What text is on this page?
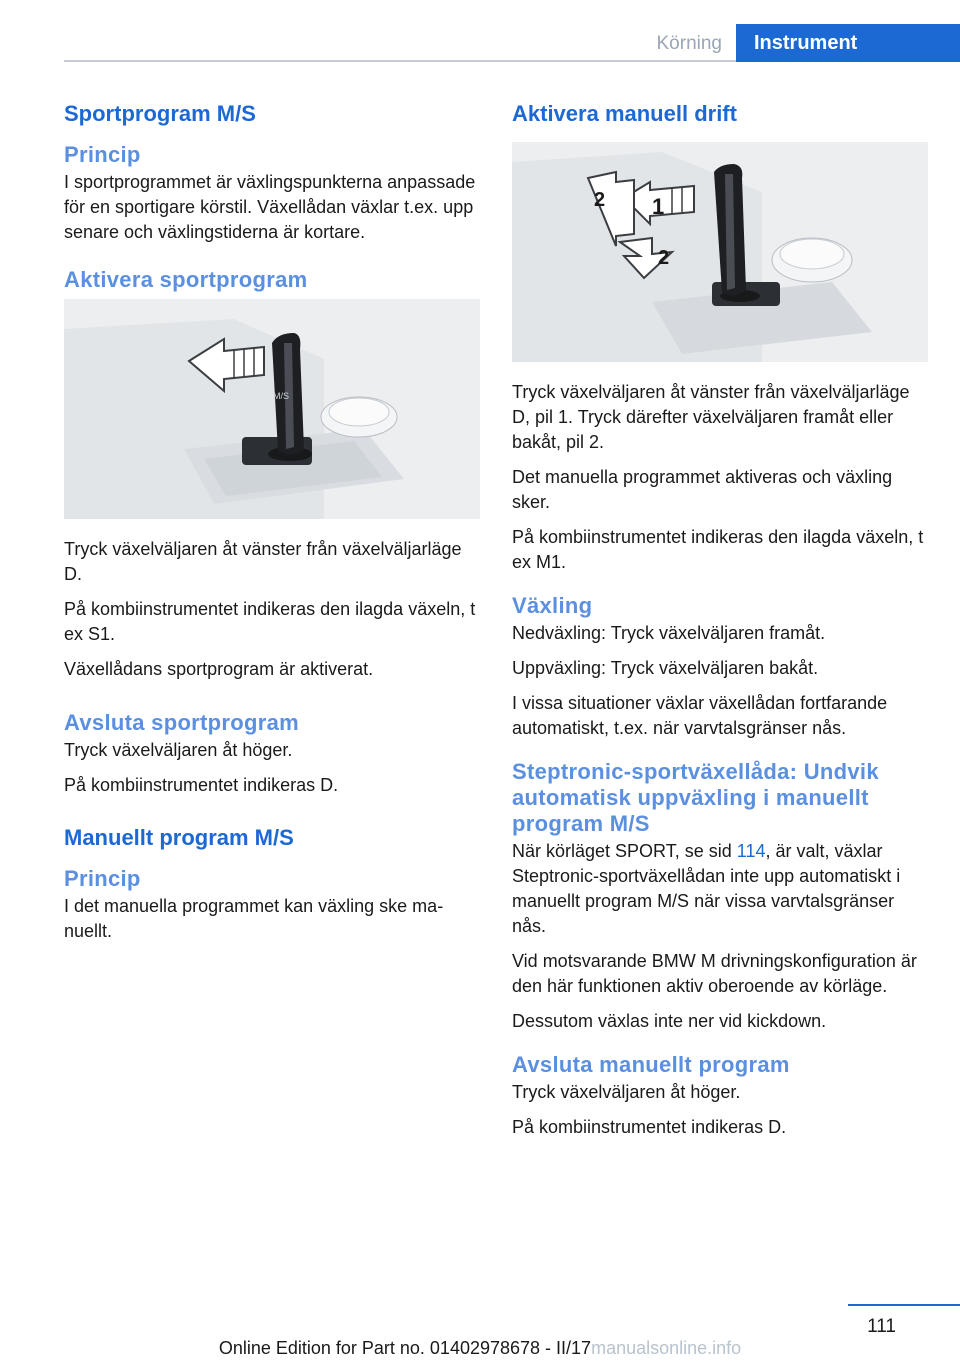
Körning	Instrument
Sportprogram M/S
Princip

I sportprogrammet är växlingspunkterna anpassade för en sportigare körstil. Växellådan växlar t.ex. upp senare och växlingstiderna är kortare.

Aktivera sportprogram
M/S

Tryck växelväljaren åt vänster från växelväljarläge D.

På kombiinstrumentet indikeras den ilagda växeln, t ex S1.

Växellådans sportprogram är aktiverat.

Avsluta sportprogram

Tryck växelväljaren åt höger.

På kombiinstrumentet indikeras D.

Manuellt program M/S
Princip

I det manuella programmet kan växling ske manuellt.

Aktivera manuell drift
1
2
2

Tryck växelväljaren åt vänster från växelväljarläge D, pil 1. Tryck därefter växelväljaren framåt eller bakåt, pil 2.

Det manuella programmet aktiveras och växling sker.

På kombiinstrumentet indikeras den ilagda växeln, t ex M1.

Växling

Nedväxling: Tryck växelväljaren framåt.

Uppväxling: Tryck växelväljaren bakåt.

I vissa situationer växlar växellådan fortfarande automatiskt, t.ex. när varvtalsgränser nås.

Steptronic-sportväxellåda: Undvik automatisk uppväxling i manuellt program M/S

När körläget SPORT, se sid 114, är valt, växlar Steptronic-sportväxellådan inte upp automatiskt i manuellt program M/S när vissa varvtalsgränser nås.

Vid motsvarande BMW M drivningskonfiguration är den här funktionen aktiv oberoende av körläge.

Dessutom växlas inte ner vid kickdown.

Avsluta manuellt program

Tryck växelväljaren åt höger.

På kombiinstrumentet indikeras D.

111
Online Edition for Part no. 01402978678 - II/17manualsonline.info
